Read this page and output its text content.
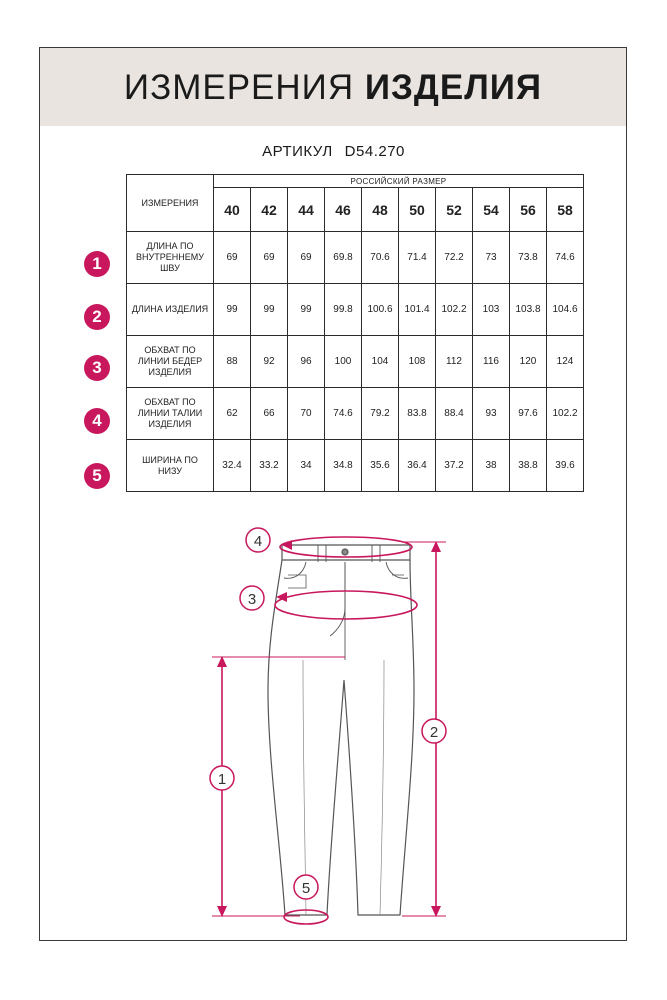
ИЗМЕРЕНИЯ ИЗДЕЛИЯ
АРТИКУЛ D54.270
ИЗМЕРЕНИЯ	РОССИЙСКИЙ РАЗМЕР									
	40	42	44	46	48	50	52	54	56	58
ДЛИНА ПО ВНУТРЕННЕМУ ШВУ	69	69	69	69.8	70.6	71.4	72.2	73	73.8	74.6
ДЛИНА ИЗДЕЛИЯ	99	99	99	99.8	100.6	101.4	102.2	103	103.8	104.6
ОБХВАТ ПО ЛИНИИ БЕДЕР ИЗДЕЛИЯ	88	92	96	100	104	108	112	116	120	124
ОБХВАТ ПО ЛИНИИ ТАЛИИ ИЗДЕЛИЯ	62	66	70	74.6	79.2	83.8	88.4	93	97.6	102.2
ШИРИНА ПО НИЗУ	32.4	33.2	34	34.8	35.6	36.4	37.2	38	38.8	39.6
1
2
3
4
5
4
3
1
2
5
